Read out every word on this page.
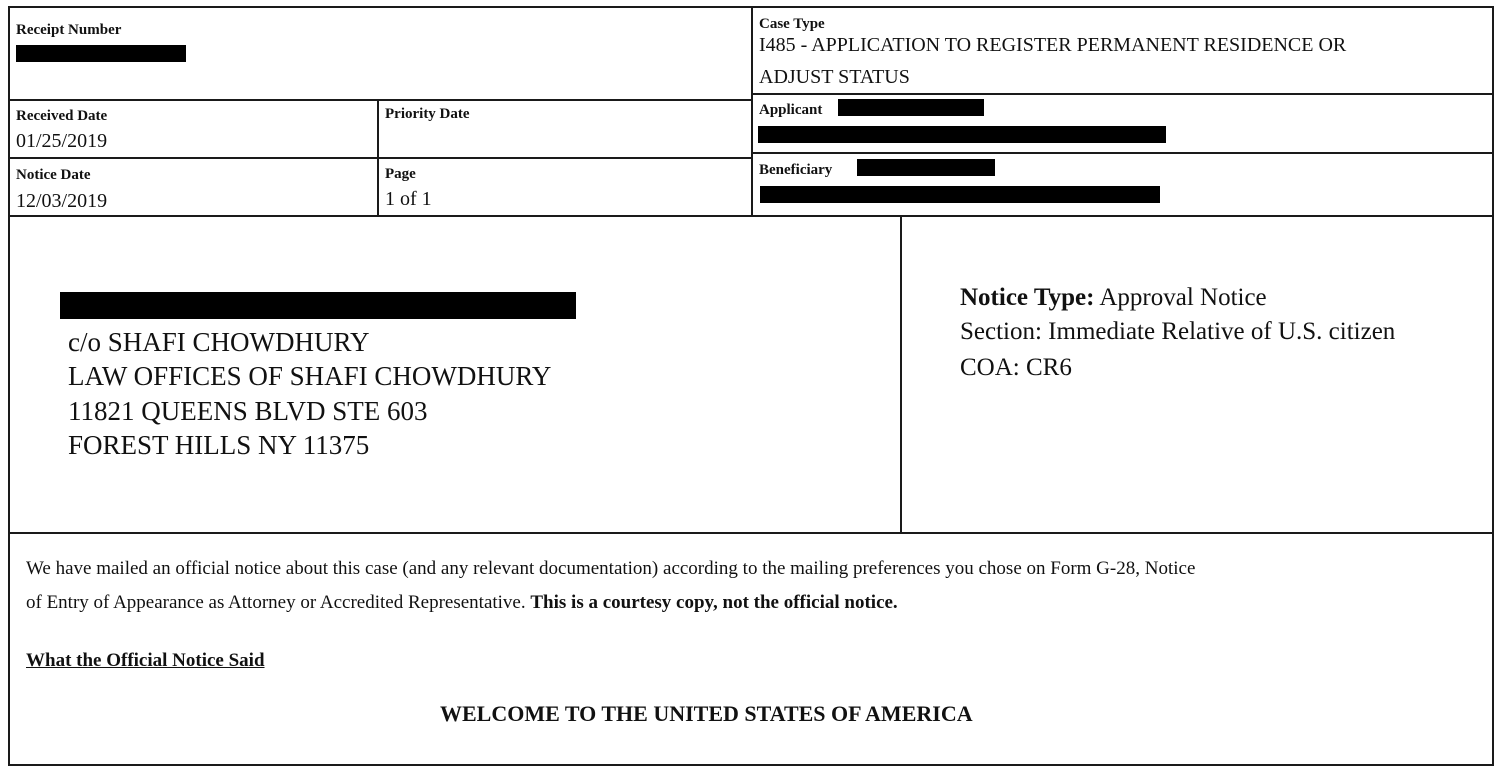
Receipt Number	Case Type
I485 - APPLICATION TO REGISTER PERMANENT RESIDENCE OR
ADJUST STATUS
Received Date
01/25/2019
Priority Date	Applicant
Notice Date
12/03/2019
Page
1 of 1
Beneficiary
c/o SHAFI CHOWDHURY
LAW OFFICES OF SHAFI CHOWDHURY
11821 QUEENS BLVD STE 603
FOREST HILLS NY 11375
Notice Type: Approval Notice
Section: Immediate Relative of U.S. citizen
COA: CR6
We have mailed an official notice about this case (and any relevant documentation) according to the mailing preferences you chose on Form G-28, Notice
of Entry of Appearance as Attorney or Accredited Representative. This is a courtesy copy, not the official notice.
What the Official Notice Said
WELCOME TO THE UNITED STATES OF AMERICA
